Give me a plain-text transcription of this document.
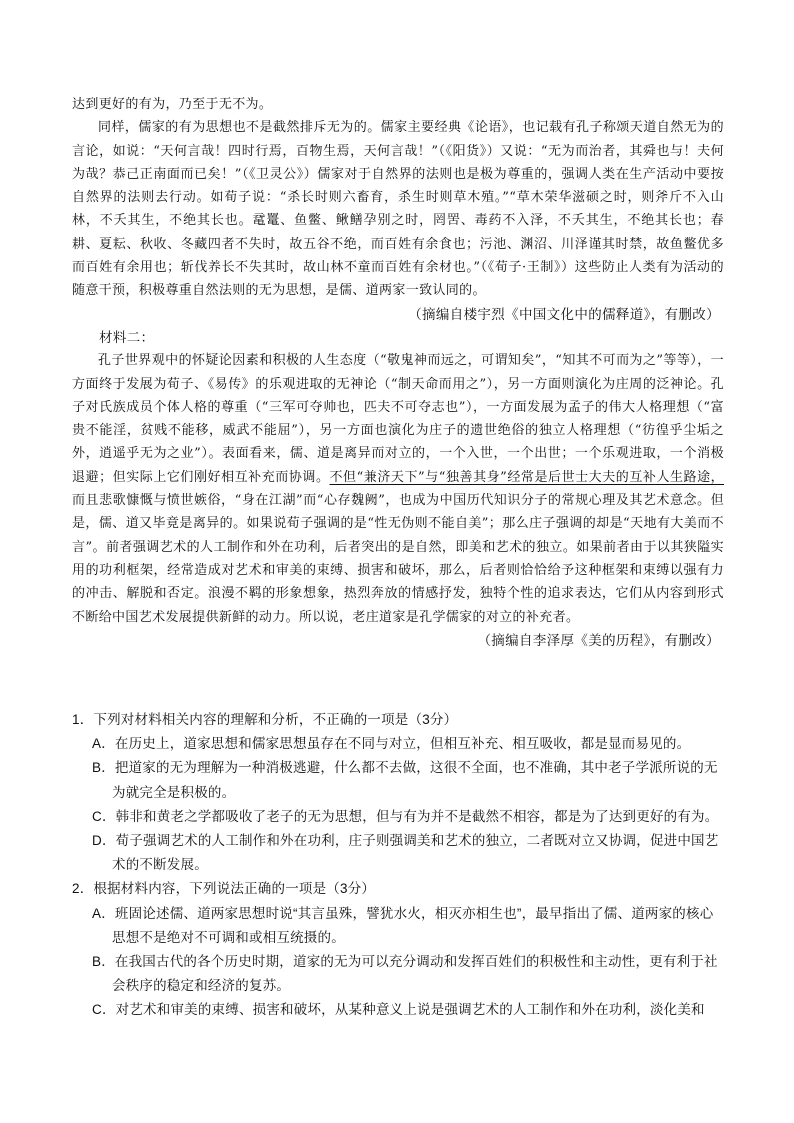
达到更好的有为，乃至于无不为。

同样，儒家的有为思想也不是截然排斥无为的。儒家主要经典《论语》，也记载有孔子称颂天道自然无为的言论，如说：“天何言哉！四时行焉，百物生焉，天何言哉！”（《阳货》）又说：“无为而治者，其舜也与！夫何为哉？恭己正南面而已矣！”（《卫灵公》）儒家对于自然界的法则也是极为尊重的，强调人类在生产活动中要按自然界的法则去行动。如荀子说：“杀长时则六畜育，杀生时则草木殖。”“草木荣华滋硕之时，则斧斤不入山林，不夭其生，不绝其长也。鼋鼍、鱼鳖、鳅鳝孕别之时，罔罟、毒药不入泽，不夭其生，不绝其长也；春耕、夏耘、秋收、冬藏四者不失时，故五谷不绝，而百姓有余食也；污池、渊沼、川泽谨其时禁，故鱼鳖优多而百姓有余用也；斩伐养长不失其时，故山林不童而百姓有余材也。”（《荀子·王制》）这些防止人类有为活动的随意干预，积极尊重自然法则的无为思想，是儒、道两家一致认同的。

（摘编自楼宇烈《中国文化中的儒释道》，有删改）

材料二：

孔子世界观中的怀疑论因素和积极的人生态度（“敬鬼神而远之，可谓知矣”，“知其不可而为之”等等），一方面终于发展为荀子、《易传》的乐观进取的无神论（“制天命而用之”），另一方面则演化为庄周的泛神论。孔子对氏族成员个体人格的尊重（“三军可夺帅也，匹夫不可夺志也”），一方面发展为孟子的伟大人格理想（“富贵不能淫，贫贱不能移，威武不能屈”），另一方面也演化为庄子的遗世绝俗的独立人格理想（“彷徨乎尘垢之外，逍遥乎无为之业”）。表面看来，儒、道是离异而对立的，一个入世，一个出世；一个乐观进取，一个消极退避；但实际上它们刚好相互补充而协调。不但“兼济天下”与“独善其身”经常是后世士大夫的互补人生路途，而且悲歌慷慨与愤世嫉俗，“身在江湖”而“心存魏阙”，也成为中国历代知识分子的常规心理及其艺术意念。但是，儒、道又毕竟是离异的。如果说荀子强调的是“性无伪则不能自美”；那么庄子强调的却是“天地有大美而不言”。前者强调艺术的人工制作和外在功利，后者突出的是自然，即美和艺术的独立。如果前者由于以其狭隘实用的功利框架，经常造成对艺术和审美的束缚、损害和破坏，那么，后者则恰恰给予这种框架和束缚以强有力的冲击、解脱和否定。浪漫不羁的形象想象，热烈奔放的情感抒发，独特个性的追求表达，它们从内容到形式不断给中国艺术发展提供新鲜的动力。所以说，老庄道家是孔学儒家的对立的补充者。

（摘编自李泽厚《美的历程》，有删改）

1．下列对材料相关内容的理解和分析，不正确的一项是（3分）

A．在历史上，道家思想和儒家思想虽存在不同与对立，但相互补充、相互吸收，都是显而易见的。

B．把道家的无为理解为一种消极逃避，什么都不去做，这很不全面，也不准确，其中老子学派所说的无为就完全是积极的。

C．韩非和黄老之学都吸收了老子的无为思想，但与有为并不是截然不相容，都是为了达到更好的有为。

D．荀子强调艺术的人工制作和外在功利，庄子则强调美和艺术的独立，二者既对立又协调，促进中国艺术的不断发展。

2．根据材料内容，下列说法正确的一项是（3分）

A．班固论述儒、道两家思想时说“其言虽殊，譬犹水火，相灭亦相生也”，最早指出了儒、道两家的核心思想不是绝对不可调和或相互统摄的。

B．在我国古代的各个历史时期，道家的无为可以充分调动和发挥百姓们的积极性和主动性，更有利于社会秩序的稳定和经济的复苏。

C．对艺术和审美的束缚、损害和破坏，从某种意义上说是强调艺术的人工制作和外在功利，淡化美和
